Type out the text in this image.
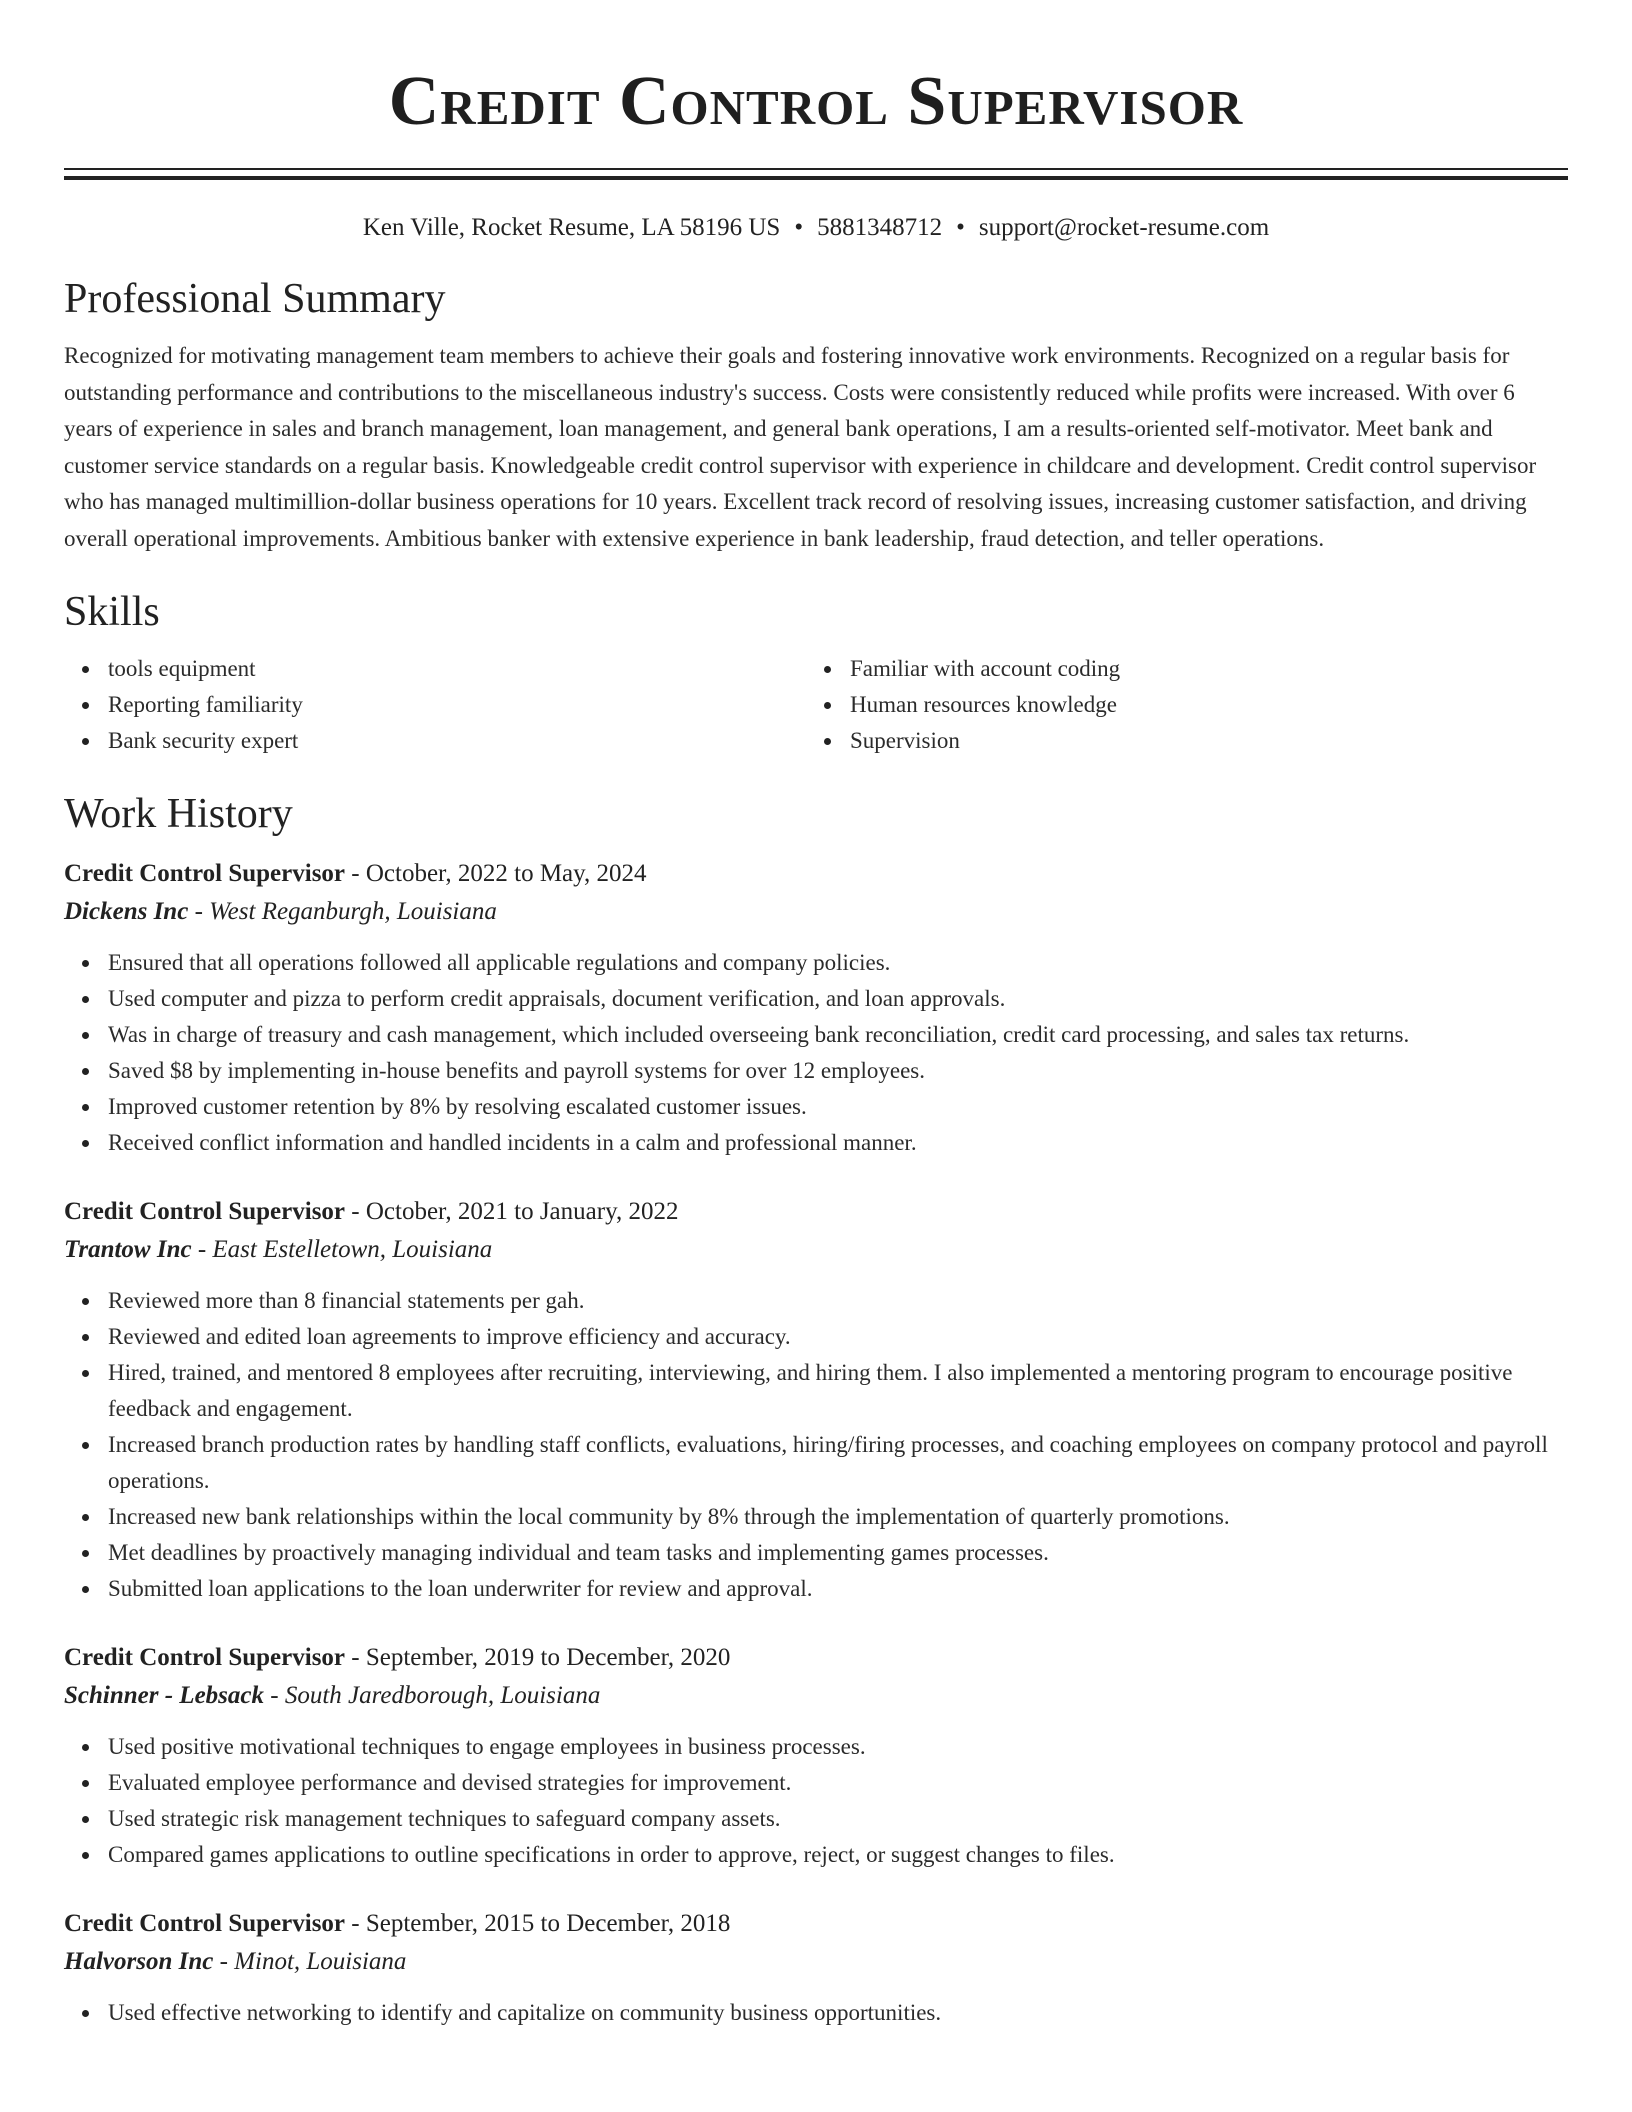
Credit Control Supervisor
Ken Ville, Rocket Resume, LA 58196 US • 5881348712 • support@rocket-resume.com
Professional Summary
Recognized for motivating management team members to achieve their goals and fostering innovative work environments. Recognized on a regular basis for outstanding performance and contributions to the miscellaneous industry's success. Costs were consistently reduced while profits were increased. With over 6 years of experience in sales and branch management, loan management, and general bank operations, I am a results-oriented self-motivator. Meet bank and customer service standards on a regular basis. Knowledgeable credit control supervisor with experience in childcare and development. Credit control supervisor who has managed multimillion-dollar business operations for 10 years. Excellent track record of resolving issues, increasing customer satisfaction, and driving overall operational improvements. Ambitious banker with extensive experience in bank leadership, fraud detection, and teller operations.
Skills
tools equipment
Reporting familiarity
Bank security expert
Familiar with account coding
Human resources knowledge
Supervision
Work History
Credit Control Supervisor - October, 2022 to May, 2024
Dickens Inc - West Reganburgh, Louisiana
Ensured that all operations followed all applicable regulations and company policies.
Used computer and pizza to perform credit appraisals, document verification, and loan approvals.
Was in charge of treasury and cash management, which included overseeing bank reconciliation, credit card processing, and sales tax returns.
Saved $8 by implementing in-house benefits and payroll systems for over 12 employees.
Improved customer retention by 8% by resolving escalated customer issues.
Received conflict information and handled incidents in a calm and professional manner.
Credit Control Supervisor - October, 2021 to January, 2022
Trantow Inc - East Estelletown, Louisiana
Reviewed more than 8 financial statements per gah.
Reviewed and edited loan agreements to improve efficiency and accuracy.
Hired, trained, and mentored 8 employees after recruiting, interviewing, and hiring them. I also implemented a mentoring program to encourage positive feedback and engagement.
Increased branch production rates by handling staff conflicts, evaluations, hiring/firing processes, and coaching employees on company protocol and payroll operations.
Increased new bank relationships within the local community by 8% through the implementation of quarterly promotions.
Met deadlines by proactively managing individual and team tasks and implementing games processes.
Submitted loan applications to the loan underwriter for review and approval.
Credit Control Supervisor - September, 2019 to December, 2020
Schinner - Lebsack - South Jaredborough, Louisiana
Used positive motivational techniques to engage employees in business processes.
Evaluated employee performance and devised strategies for improvement.
Used strategic risk management techniques to safeguard company assets.
Compared games applications to outline specifications in order to approve, reject, or suggest changes to files.
Credit Control Supervisor - September, 2015 to December, 2018
Halvorson Inc - Minot, Louisiana
Used effective networking to identify and capitalize on community business opportunities.
